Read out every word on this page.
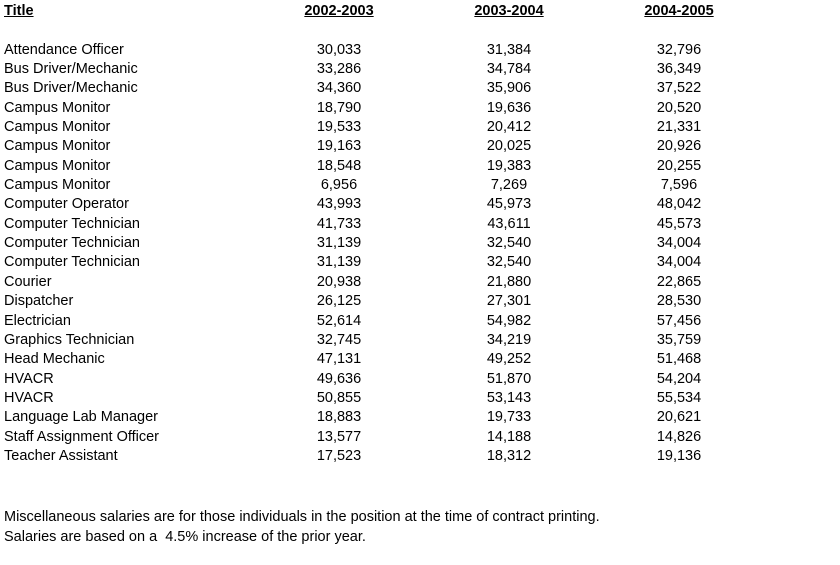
Title	2002-2003	2003-2004	2004-2005

Attendance Officer	30,033	31,384	32,796
Bus Driver/Mechanic	33,286	34,784	36,349
Bus Driver/Mechanic	34,360	35,906	37,522
Campus Monitor	18,790	19,636	20,520
Campus Monitor	19,533	20,412	21,331
Campus Monitor	19,163	20,025	20,926
Campus Monitor	18,548	19,383	20,255
Campus Monitor	6,956	7,269	7,596
Computer Operator	43,993	45,973	48,042
Computer Technician	41,733	43,611	45,573
Computer Technician	31,139	32,540	34,004
Computer Technician	31,139	32,540	34,004
Courier	20,938	21,880	22,865
Dispatcher	26,125	27,301	28,530
Electrician	52,614	54,982	57,456
Graphics Technician	32,745	34,219	35,759
Head Mechanic	47,131	49,252	51,468
HVACR	49,636	51,870	54,204
HVACR	50,855	53,143	55,534
Language Lab Manager	18,883	19,733	20,621
Staff Assignment Officer	13,577	14,188	14,826
Teacher Assistant	17,523	18,312	19,136
Miscellaneous salaries are for those individuals in the position at the time of contract printing.
Salaries are based on a  4.5% increase of the prior year.
